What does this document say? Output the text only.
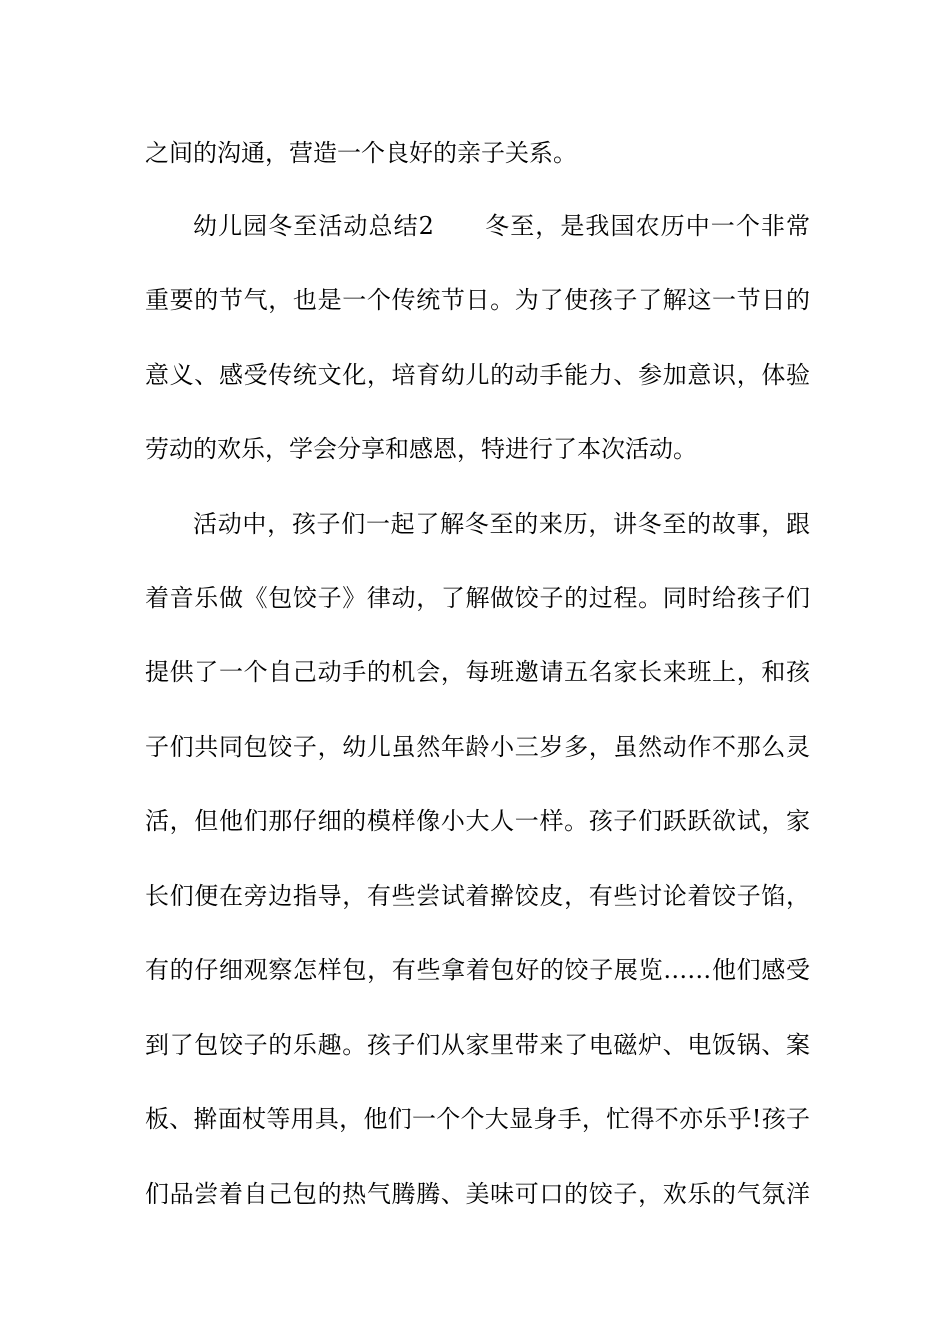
之间的沟通，营造一个良好的亲子关系。
幼儿园冬至活动总结2　　冬至，是我国农历中一个非常
重要的节气，也是一个传统节日。为了使孩子了解这一节日的
意义、感受传统文化，培育幼儿的动手能力、参加意识，体验
劳动的欢乐，学会分享和感恩，特进行了本次活动。
活动中，孩子们一起了解冬至的来历，讲冬至的故事，跟
着音乐做《包饺子》律动，了解做饺子的过程。同时给孩子们
提供了一个自己动手的机会，每班邀请五名家长来班上，和孩
子们共同包饺子，幼儿虽然年龄小三岁多，虽然动作不那么灵
活，但他们那仔细的模样像小大人一样。孩子们跃跃欲试，家
长们便在旁边指导，有些尝试着擀饺皮，有些讨论着饺子馅，
有的仔细观察怎样包，有些拿着包好的饺子展览……他们感受
到了包饺子的乐趣。孩子们从家里带来了电磁炉、电饭锅、案
板、擀面杖等用具，他们一个个大显身手，忙得不亦乐乎!孩子
们品尝着自己包的热气腾腾、美味可口的饺子，欢乐的气氛洋
